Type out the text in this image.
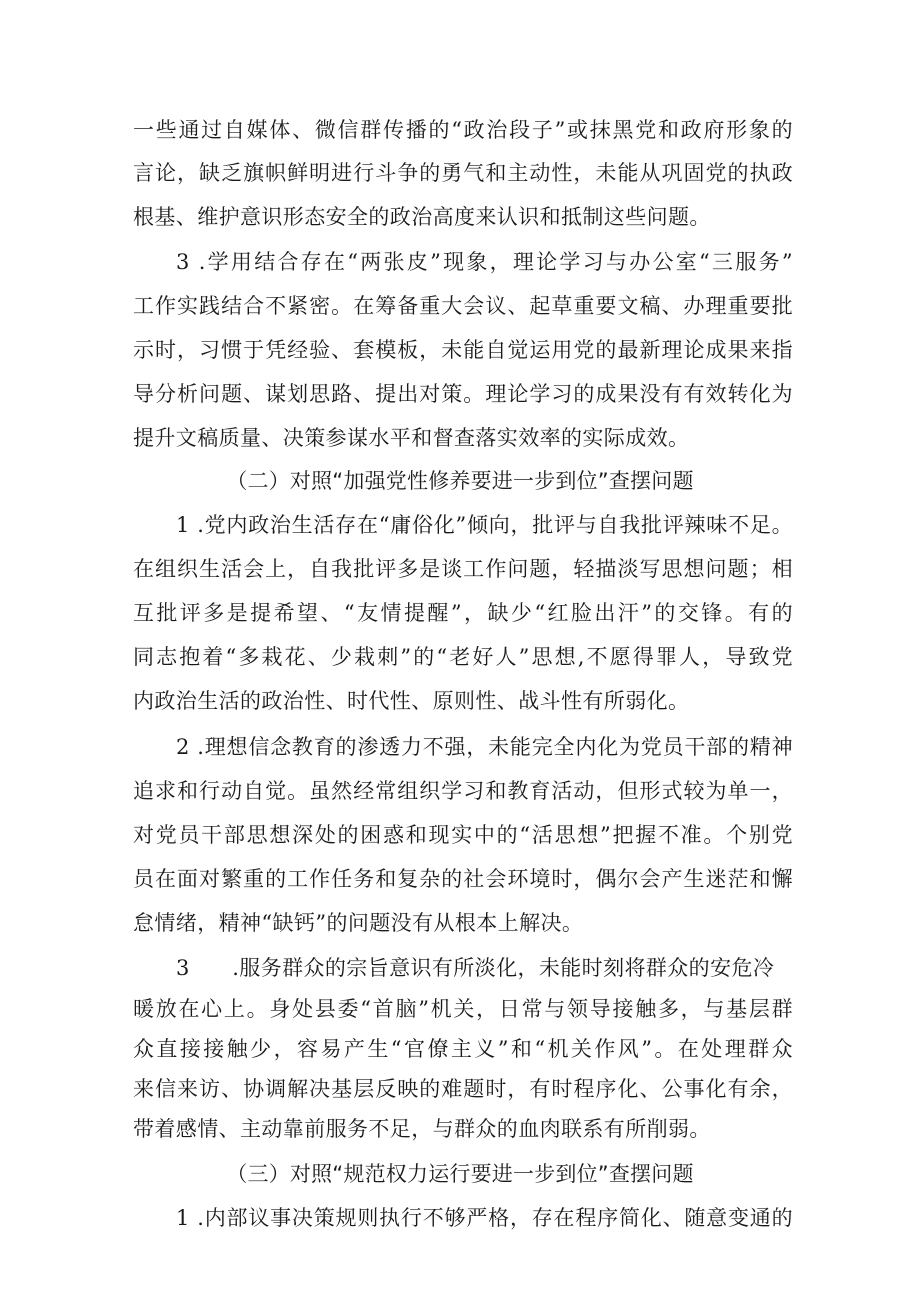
一些通过自媒体、微信群传播的“政治段子”或抹黑党和政府形象的
言论，缺乏旗帜鲜明进行斗争的勇气和主动性，未能从巩固党的执政
根基、维护意识形态安全的政治高度来认识和抵制这些问题。
3 .学用结合存在“两张皮”现象，理论学习与办公室“三服务”
工作实践结合不紧密。在筹备重大会议、起草重要文稿、办理重要批
示时，习惯于凭经验、套模板，未能自觉运用党的最新理论成果来指
导分析问题、谋划思路、提出对策。理论学习的成果没有有效转化为
提升文稿质量、决策参谋水平和督查落实效率的实际成效。
（二）对照“加强党性修养要进一步到位”查摆问题
1 .党内政治生活存在“庸俗化”倾向，批评与自我批评辣味不足。
在组织生活会上，自我批评多是谈工作问题，轻描淡写思想问题；相
互批评多是提希望、“友情提醒”，缺少“红脸出汗”的交锋。有的
同志抱着“多栽花、少栽刺”的“老好人”思想,不愿得罪人，导致党
内政治生活的政治性、时代性、原则性、战斗性有所弱化。
2 .理想信念教育的渗透力不强，未能完全内化为党员干部的精神
追求和行动自觉。虽然经常组织学习和教育活动，但形式较为单一，
对党员干部思想深处的困惑和现实中的“活思想”把握不准。个别党
员在面对繁重的工作任务和复杂的社会环境时，偶尔会产生迷茫和懈
怠情绪，精神“缺钙”的问题没有从根本上解决。
3      .服务群众的宗旨意识有所淡化，未能时刻将群众的安危冷
暖放在心上。身处县委“首脑”机关，日常与领导接触多，与基层群
众直接接触少，容易产生“官僚主义”和“机关作风”。在处理群众
来信来访、协调解决基层反映的难题时，有时程序化、公事化有余，
带着感情、主动靠前服务不足，与群众的血肉联系有所削弱。
（三）对照“规范权力运行要进一步到位”查摆问题
1 .内部议事决策规则执行不够严格，存在程序简化、随意变通的
